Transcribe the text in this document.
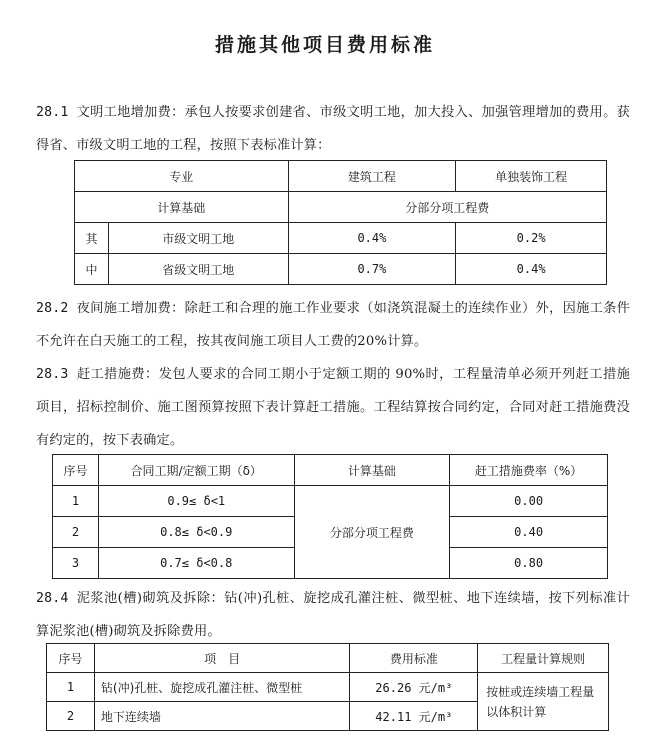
措施其他项目费用标准
28.1 文明工地增加费：承包人按要求创建省、市级文明工地，加大投入、加强管理增加的费用。获得省、市级文明工地的工程，按照下表标准计算：
专业		建筑工程	单独装饰工程
计算基础		分部分项工程费	
其	市级文明工地	0.4%	0.2%
中	省级文明工地	0.7%	0.4%
28.2 夜间施工增加费：除赶工和合理的施工作业要求（如浇筑混凝土的连续作业）外，因施工条件不允许在白天施工的工程，按其夜间施工项目人工费的20%计算。
28.3 赶工措施费：发包人要求的合同工期小于定额工期的 90%时，工程量清单必须开列赶工措施项目，招标控制价、施工图预算按照下表计算赶工措施。工程结算按合同约定，合同对赶工措施费没有约定的，按下表确定。
序号	合同工期/定额工期（δ）	计算基础	赶工措施费率（%）
1	0.9≤ δ<1	分部分项工程费	0.00
2	0.8≤ δ<0.9		0.40
3	0.7≤ δ<0.8		0.80
28.4 泥浆池(槽)砌筑及拆除：钻(冲)孔桩、旋挖成孔灌注桩、微型桩、地下连续墙，按下列标准计算泥浆池(槽)砌筑及拆除费用。
序号	项　目	费用标准	工程量计算规则
1	钻(冲)孔桩、旋挖成孔灌注桩、微型桩	26.26 元/m³	按桩或连续墙工程量以体积计算
2	地下连续墙	42.11 元/m³	
